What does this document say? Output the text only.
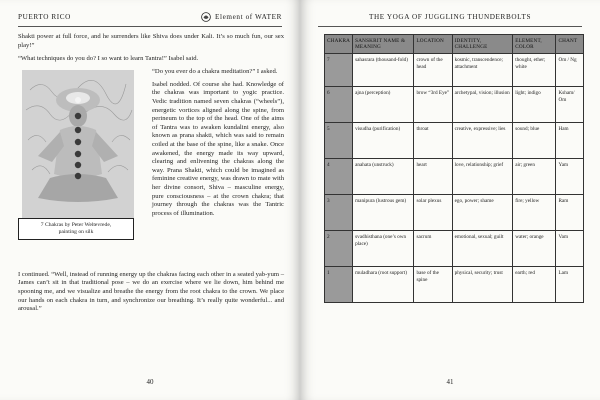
PUERTO RICO	Element of WATER

Shakti power at full force, and he surrenders like Shiva does under Kali. It’s so much fun, our sex play!”

“What techniques do you do? I so want to learn Tantra!” Isabel said.

7 Chakras by Peter Weltevrede,
painting on silk

“Do you ever do a chakra meditation?” I asked.

Isabel nodded. Of course she had. Knowledge of the chakras was important to yogic practice. Vedic tradition named seven chakras (“wheels”), energetic vortices aligned along the spine, from perineum to the top of the head. One of the aims of Tantra was to awaken kundalini energy, also known as prana shakti, which was said to remain coiled at the base of the spine, like a snake. Once awakened, the energy made its way upward, clearing and enlivening the chakras along the way. Prana Shakti, which could be imagined as feminine creative energy, was drawn to mate with her divine consort, Shiva – masculine energy, pure consciousness – at the crown chakra; that journey through the chakras was the Tantric process of illumination.

I continued. “Well, instead of running energy up the chakras facing each other in a seated yab-yum – James can’t sit in that traditional pose – we do an exercise where we lie down, him behind me spooning me, and we visualize and breathe the energy from the root chakra to the crown. We place our hands on each chakra in turn, and synchronize our breathing. It’s really quite wonderful... and arousal.”

40
THE YOGA OF JUGGLING THUNDERBOLTS
CHAKRA	SANSKRIT NAME & MEANING	LOCATION	IDENTITY, CHALLENGE	ELEMENT, COLOR	CHANT
7	sahasrara (thousand-fold)	crown of the head	kosmic, transcendence; attachment	thought, ether; white	Om / Ng
6	ajna (perception)	brow “3rd Eye”	archetypal, vision; illusion	light; indigo	Ksham/ Om
5	visudha (purification)	throat	creative, expressive; lies	sound; blue	Ham
4	anahata (unstruck)	heart	love, relationship; grief	air; green	Yam
3	manipura (lustrous gem)	solar plexus	ego, power; shame	fire; yellow	Ram
2	svadhisthana (one’s own place)	sacrum	emotional, sexual; guilt	water; orange	Vam
1	muladhara (root support)	base of the spine	physical, security; trust	earth; red	Lam
41
